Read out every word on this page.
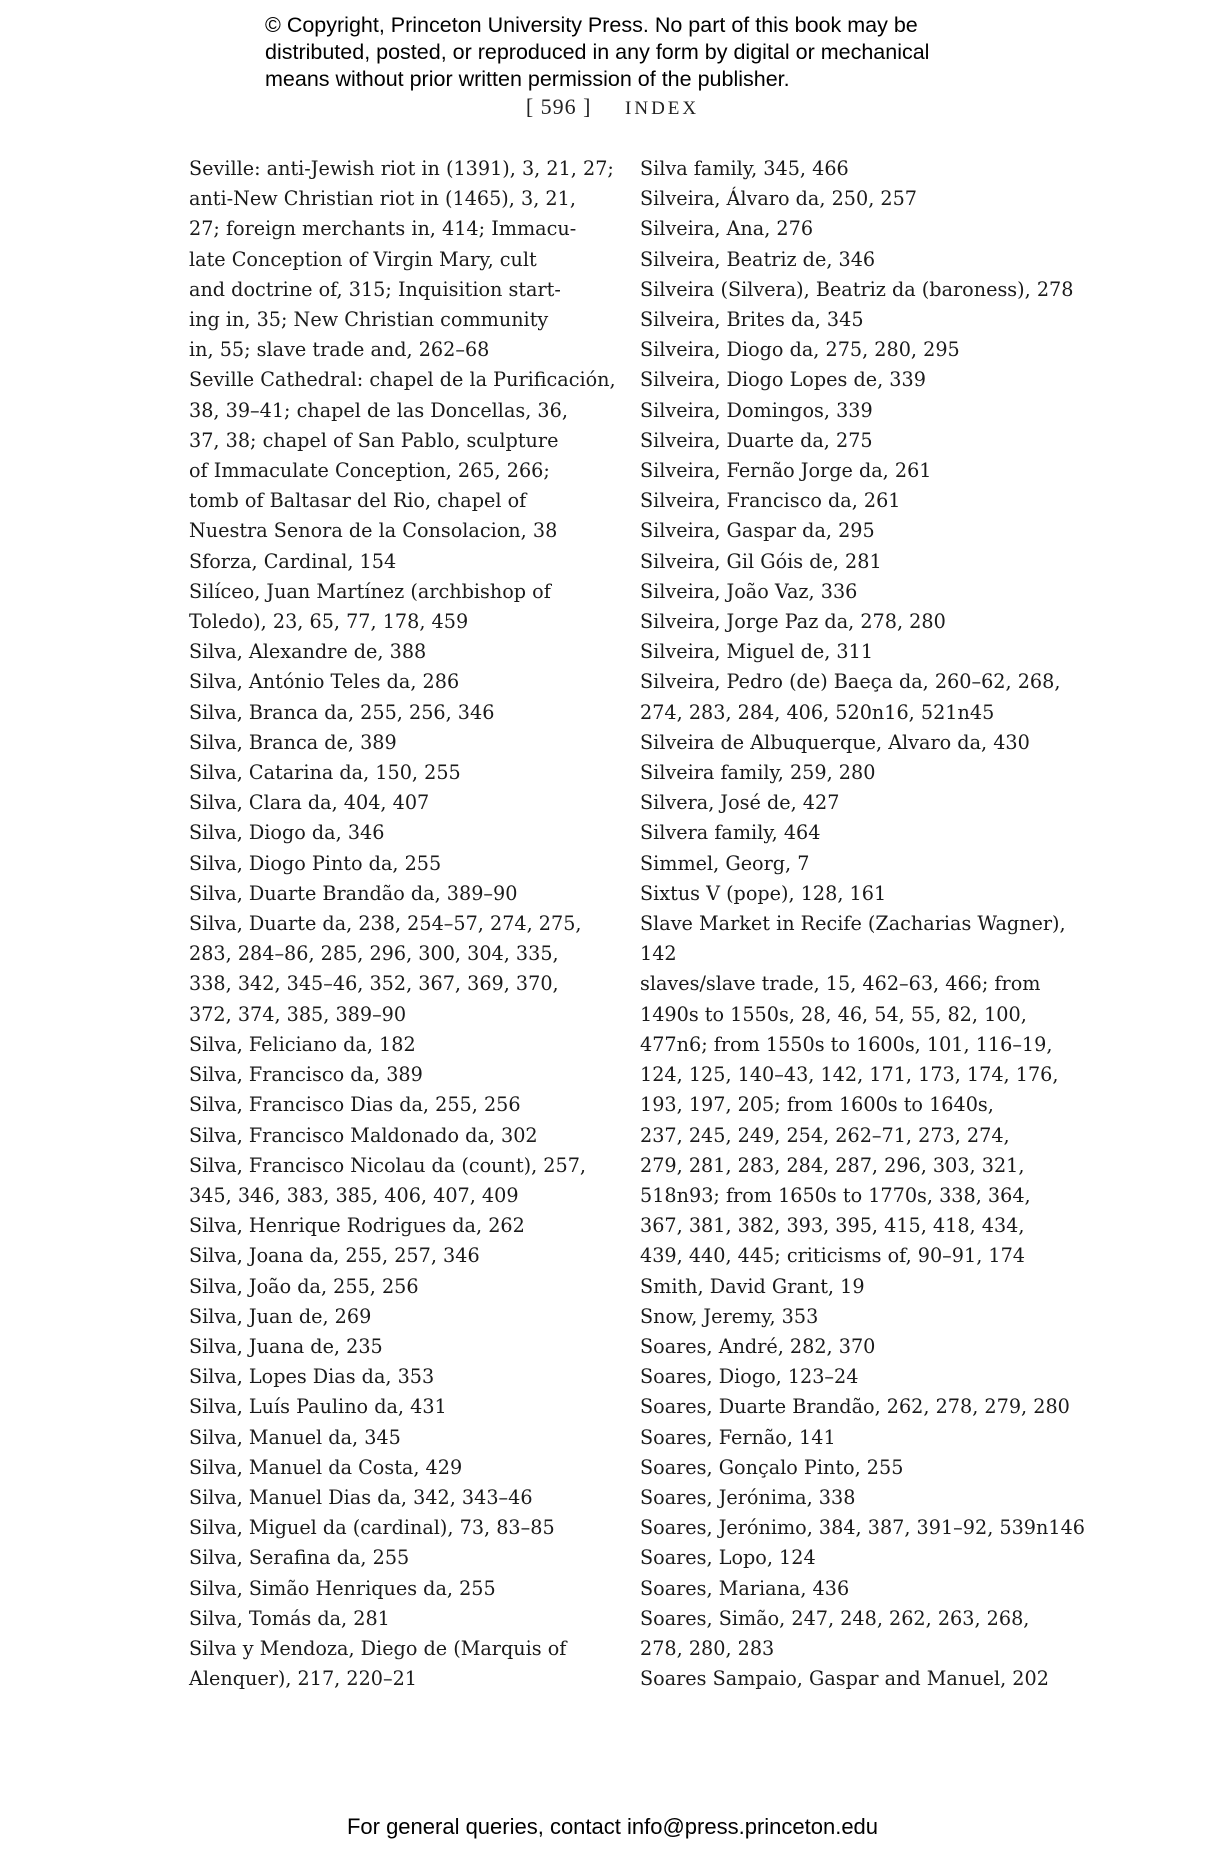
© Copyright, Princeton University Press. No part of this book may be
distributed, posted, or reproduced in any form by digital or mechanical
means without prior written permission of the publisher.
[ 596 ] INDEX
Seville: anti-Jewish riot in (1391), 3, 21, 27;
anti-New Christian riot in (1465), 3, 21,
27; foreign merchants in, 414; Immacu-
late Conception of Virgin Mary, cult
and doctrine of, 315; Inquisition start-
ing in, 35; New Christian community
in, 55; slave trade and, 262–68
Seville Cathedral: chapel de la Purificación,
38, 39–41; chapel de las Doncellas, 36,
37, 38; chapel of San Pablo, sculpture
of Immaculate Conception, 265, 266;
tomb of Baltasar del Rio, chapel of
Nuestra Senora de la Consolacion, 38
Sforza, Cardinal, 154
Silíceo, Juan Martínez (archbishop of
Toledo), 23, 65, 77, 178, 459
Silva, Alexandre de, 388
Silva, António Teles da, 286
Silva, Branca da, 255, 256, 346
Silva, Branca de, 389
Silva, Catarina da, 150, 255
Silva, Clara da, 404, 407
Silva, Diogo da, 346
Silva, Diogo Pinto da, 255
Silva, Duarte Brandão da, 389–90
Silva, Duarte da, 238, 254–57, 274, 275,
283, 284–86, 285, 296, 300, 304, 335,
338, 342, 345–46, 352, 367, 369, 370,
372, 374, 385, 389–90
Silva, Feliciano da, 182
Silva, Francisco da, 389
Silva, Francisco Dias da, 255, 256
Silva, Francisco Maldonado da, 302
Silva, Francisco Nicolau da (count), 257,
345, 346, 383, 385, 406, 407, 409
Silva, Henrique Rodrigues da, 262
Silva, Joana da, 255, 257, 346
Silva, João da, 255, 256
Silva, Juan de, 269
Silva, Juana de, 235
Silva, Lopes Dias da, 353
Silva, Luís Paulino da, 431
Silva, Manuel da, 345
Silva, Manuel da Costa, 429
Silva, Manuel Dias da, 342, 343–46
Silva, Miguel da (cardinal), 73, 83–85
Silva, Serafina da, 255
Silva, Simão Henriques da, 255
Silva, Tomás da, 281
Silva y Mendoza, Diego de (Marquis of
Alenquer), 217, 220–21
Silva family, 345, 466
Silveira, Álvaro da, 250, 257
Silveira, Ana, 276
Silveira, Beatriz de, 346
Silveira (Silvera), Beatriz da (baroness), 278
Silveira, Brites da, 345
Silveira, Diogo da, 275, 280, 295
Silveira, Diogo Lopes de, 339
Silveira, Domingos, 339
Silveira, Duarte da, 275
Silveira, Fernão Jorge da, 261
Silveira, Francisco da, 261
Silveira, Gaspar da, 295
Silveira, Gil Góis de, 281
Silveira, João Vaz, 336
Silveira, Jorge Paz da, 278, 280
Silveira, Miguel de, 311
Silveira, Pedro (de) Baeça da, 260–62, 268,
274, 283, 284, 406, 520n16, 521n45
Silveira de Albuquerque, Alvaro da, 430
Silveira family, 259, 280
Silvera, José de, 427
Silvera family, 464
Simmel, Georg, 7
Sixtus V (pope), 128, 161
Slave Market in Recife (Zacharias Wagner),
142
slaves/slave trade, 15, 462–63, 466; from
1490s to 1550s, 28, 46, 54, 55, 82, 100,
477n6; from 1550s to 1600s, 101, 116–19,
124, 125, 140–43, 142, 171, 173, 174, 176,
193, 197, 205; from 1600s to 1640s,
237, 245, 249, 254, 262–71, 273, 274,
279, 281, 283, 284, 287, 296, 303, 321,
518n93; from 1650s to 1770s, 338, 364,
367, 381, 382, 393, 395, 415, 418, 434,
439, 440, 445; criticisms of, 90–91, 174
Smith, David Grant, 19
Snow, Jeremy, 353
Soares, André, 282, 370
Soares, Diogo, 123–24
Soares, Duarte Brandão, 262, 278, 279, 280
Soares, Fernão, 141
Soares, Gonçalo Pinto, 255
Soares, Jerónima, 338
Soares, Jerónimo, 384, 387, 391–92, 539n146
Soares, Lopo, 124
Soares, Mariana, 436
Soares, Simão, 247, 248, 262, 263, 268,
278, 280, 283
Soares Sampaio, Gaspar and Manuel, 202
For general queries, contact info@press.princeton.edu
